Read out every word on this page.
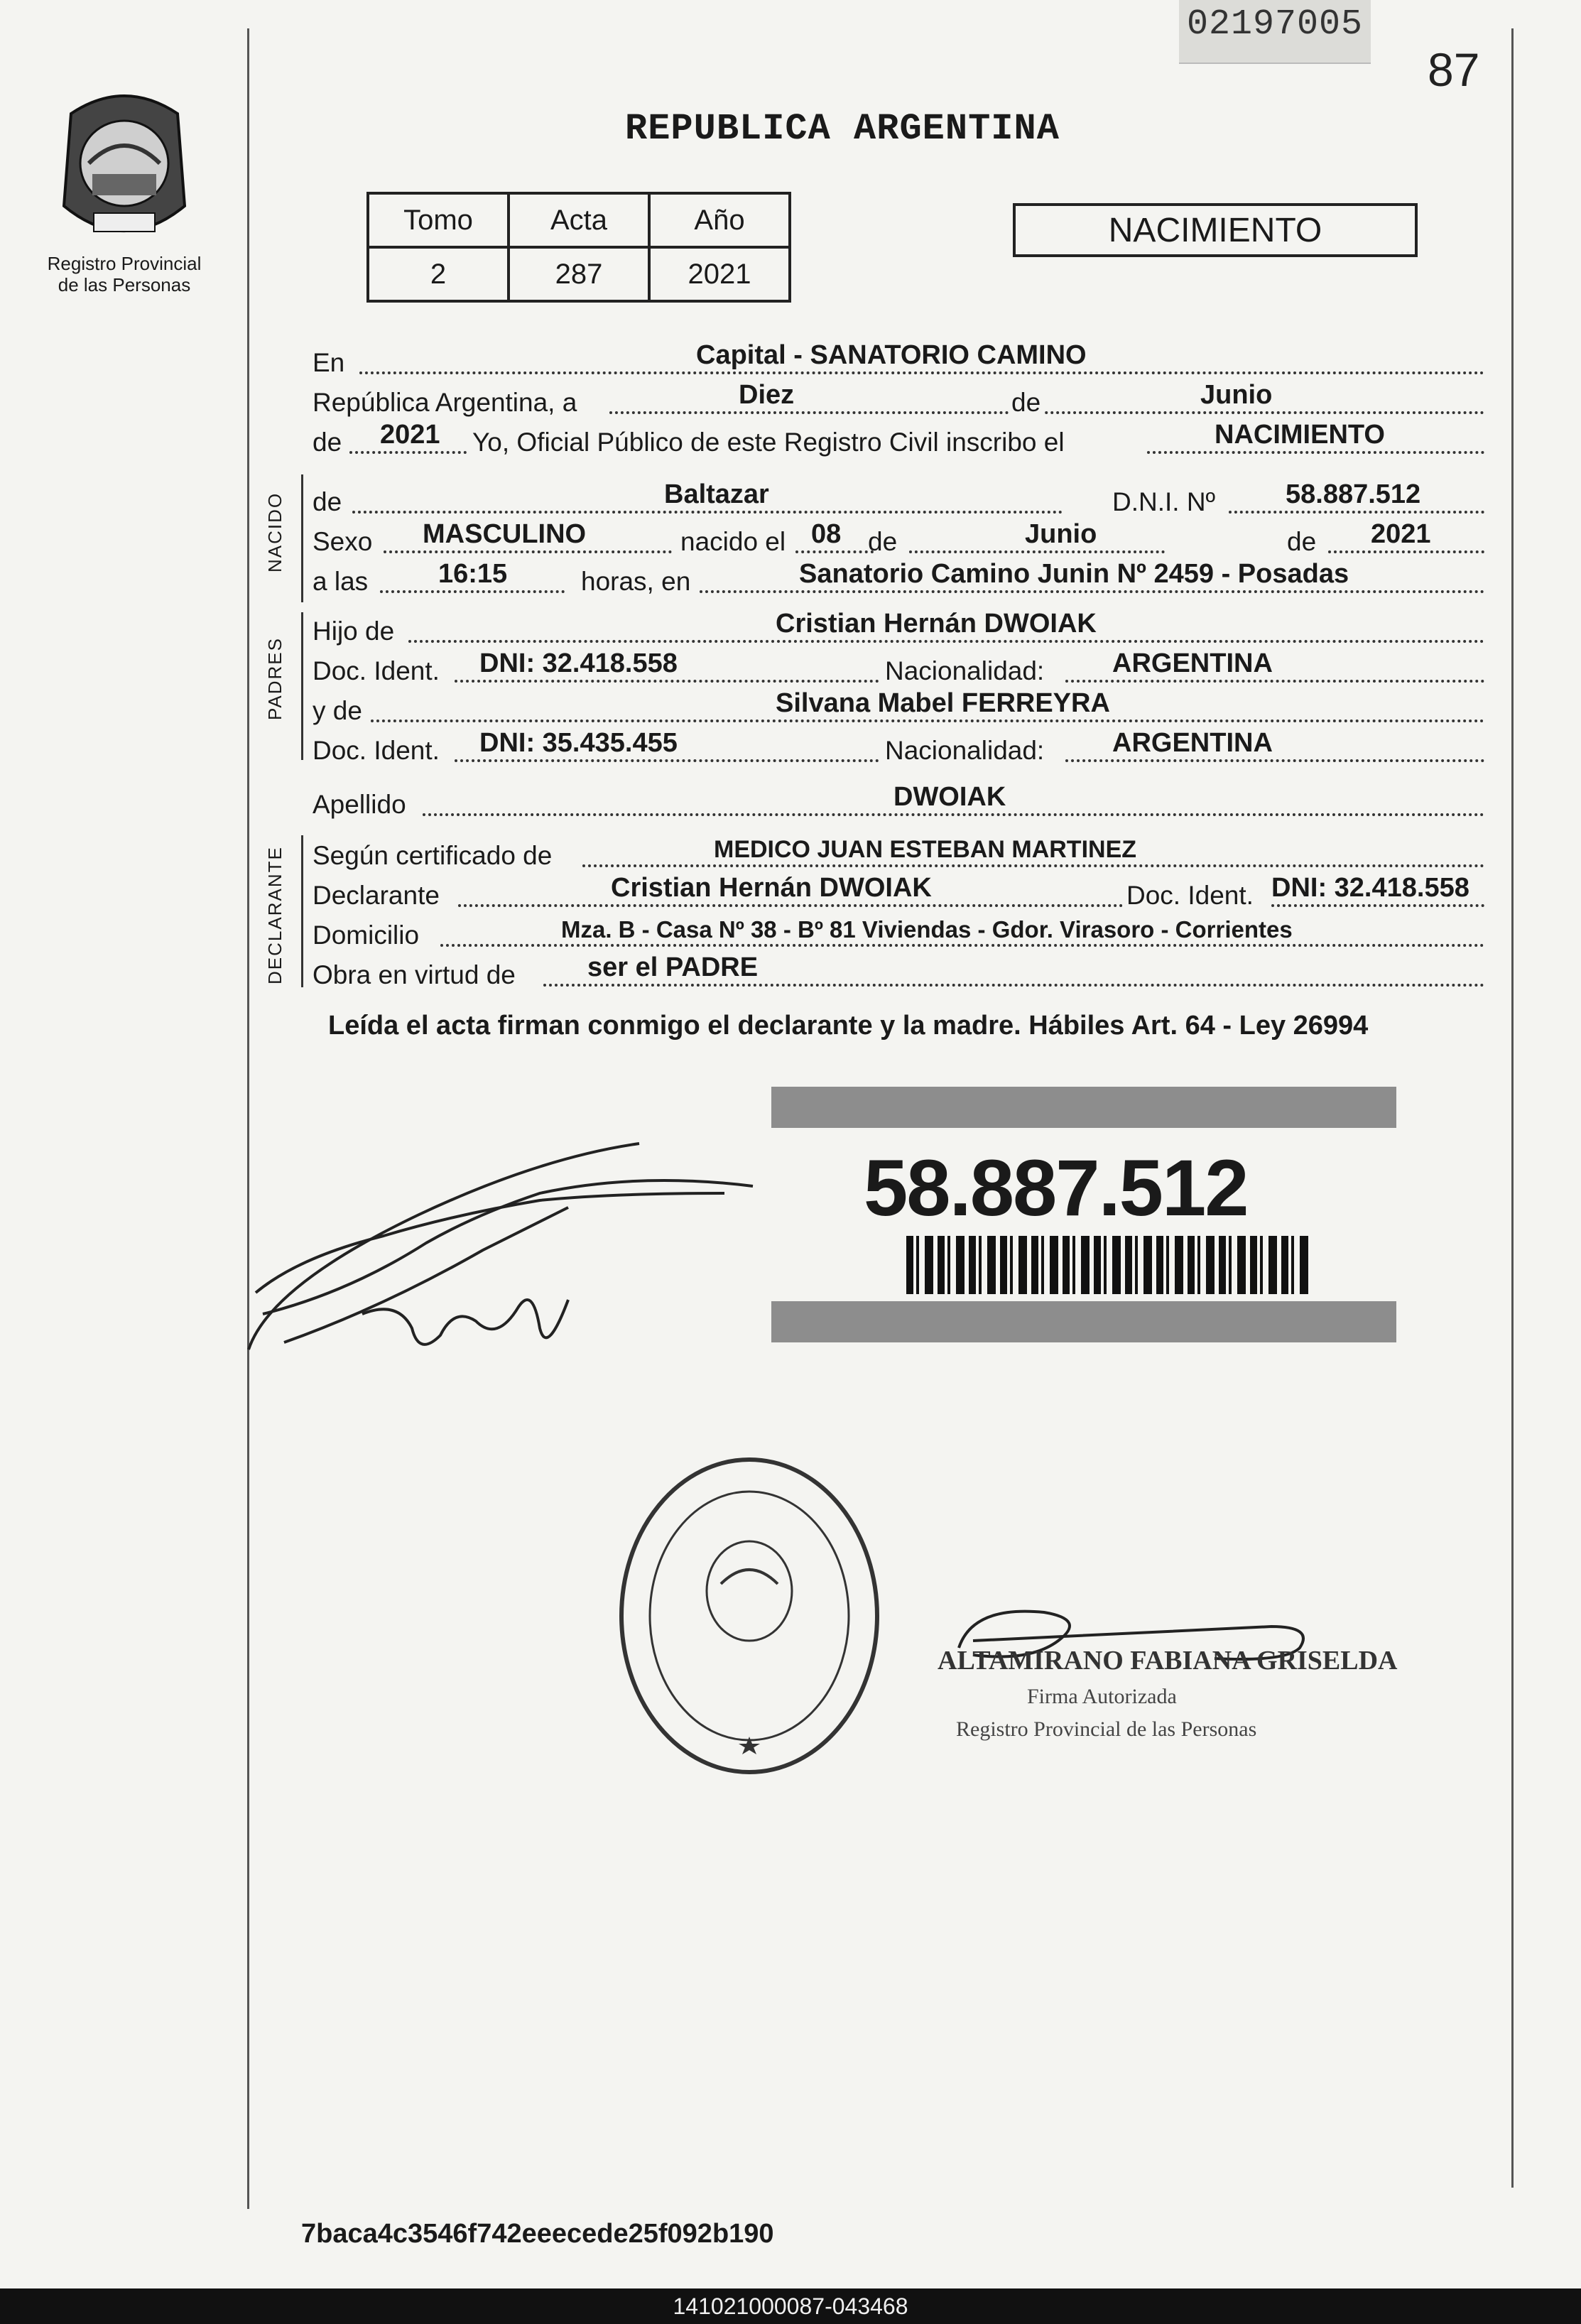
02197005
87
Registro Provincial
de las Personas
REPUBLICA ARGENTINA
Tomo	Acta	Año
2	287	2021
NACIMIENTO
En	Capital - SANATORIO CAMINO
República Argentina, a	Diez	de	Junio
de 2021 Yo, Oficial Público de este Registro Civil inscribo el	NACIMIENTO
NACIDO de	Baltazar	D.N.I. Nº	58.887.512
Sexo MASCULINO	nacido el 08 de	Junio	de 2021
a las	16:15	horas, en	Sanatorio Camino Junin Nº 2459 - Posadas
PADRES
Hijo de	Cristian Hernán DWOIAK
Doc. Ident. DNI: 32.418.558	Nacionalidad:	ARGENTINA
y de	Silvana Mabel FERREYRA
Doc. Ident. DNI: 35.435.455	Nacionalidad:	ARGENTINA
Apellido	DWOIAK
DECLARANTE Según certificado de	MEDICO JUAN ESTEBAN MARTINEZ
Declarante	Cristian Hernán DWOIAK	Doc. Ident. DNI: 32.418.558
Domicilio	Mza. B - Casa Nº 38 - Bº 81 Viviendas - Gdor. Virasoro - Corrientes
Obra en virtud de	ser el PADRE
Leída el acta firman conmigo el declarante y la madre. Hábiles Art. 64 - Ley 26994
58.887.512
ALTAMIRANO FABIANA GRISELDA
Firma Autorizada
Registro Provincial de las Personas
7baca4c3546f742eeecede25f092b190
141021000087-043468
